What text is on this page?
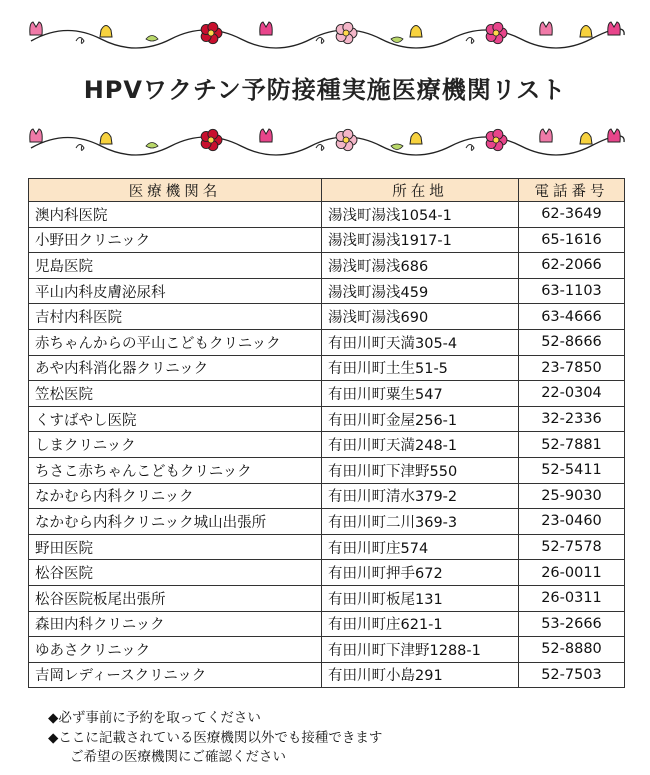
HPVワクチン予防接種実施医療機関リスト
医療機関名	所在地	電話番号
澳内科医院	湯浅町湯浅1054-1	62-3649
小野田クリニック	湯浅町湯浅1917-1	65-1616
児島医院	湯浅町湯浅686	62-2066
平山内科皮膚泌尿科	湯浅町湯浅459	63-1103
吉村内科医院	湯浅町湯浅690	63-4666
赤ちゃんからの平山こどもクリニック	有田川町天満305-4	52-8666
あや内科消化器クリニック	有田川町土生51-5	23-7850
笠松医院	有田川町粟生547	22-0304
くすばやし医院	有田川町金屋256-1	32-2336
しまクリニック	有田川町天満248-1	52-7881
ちさこ赤ちゃんこどもクリニック	有田川町下津野550	52-5411
なかむら内科クリニック	有田川町清水379-2	25-9030
なかむら内科クリニック城山出張所	有田川町二川369-3	23-0460
野田医院	有田川町庄574	52-7578
松谷医院	有田川町押手672	26-0011
松谷医院板尾出張所	有田川町板尾131	26-0311
森田内科クリニック	有田川町庄621-1	53-2666
ゆあさクリニック	有田川町下津野1288-1	52-8880
吉岡レディースクリニック	有田川町小島291	52-7503
◆必ず事前に予約を取ってください
◆ここに記載されている医療機関以外でも接種できます
ご希望の医療機関にご確認ください
